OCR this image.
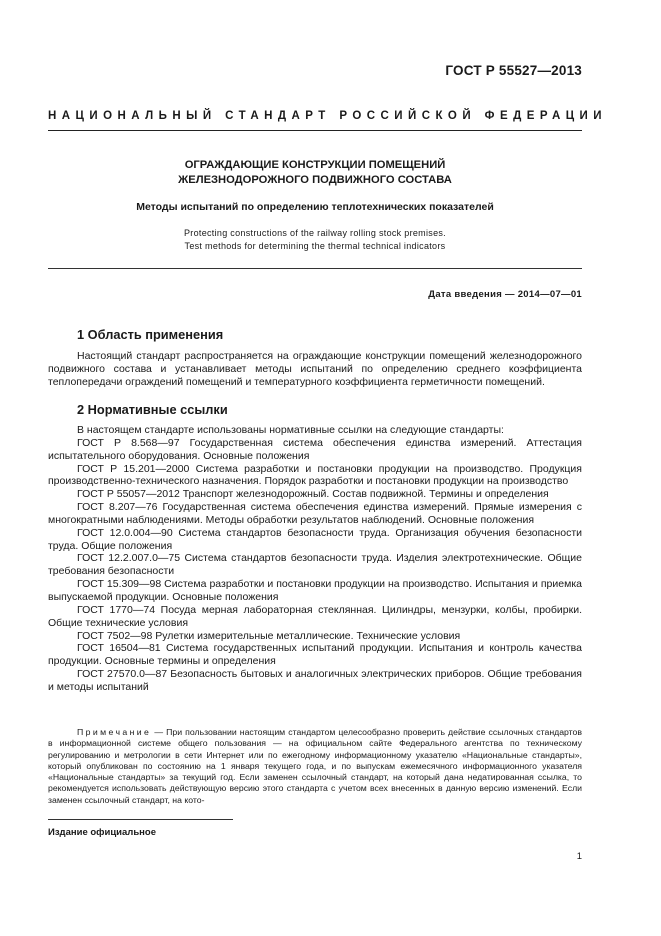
ГОСТ Р 55527—2013
НАЦИОНАЛЬНЫЙ СТАНДАРТ РОССИЙСКОЙ ФЕДЕРАЦИИ
ОГРАЖДАЮЩИЕ КОНСТРУКЦИИ ПОМЕЩЕНИЙ
ЖЕЛЕЗНОДОРОЖНОГО ПОДВИЖНОГО СОСТАВА
Методы испытаний по определению теплотехнических показателей
Protecting constructions of the railway rolling stock premises.
Test methods for determining the thermal technical indicators
Дата введения — 2014—07—01
1 Область применения

Настоящий стандарт распространяется на ограждающие конструкции помещений железнодорожного подвижного состава и устанавливает методы испытаний по определению среднего коэффициента теплопередачи ограждений помещений и температурного коэффициента герметичности помещений.

2 Нормативные ссылки

В настоящем стандарте использованы нормативные ссылки на следующие стандарты:

ГОСТ Р 8.568—97 Государственная система обеспечения единства измерений. Аттестация испытательного оборудования. Основные положения

ГОСТ Р 15.201—2000 Система разработки и постановки продукции на производство. Продукция производственно-технического назначения. Порядок разработки и постановки продукции на производство

ГОСТ Р 55057—2012 Транспорт железнодорожный. Состав подвижной. Термины и определения

ГОСТ 8.207—76 Государственная система обеспечения единства измерений. Прямые измерения с многократными наблюдениями. Методы обработки результатов наблюдений. Основные положения

ГОСТ 12.0.004—90 Система стандартов безопасности труда. Организация обучения безопасности труда. Общие положения

ГОСТ 12.2.007.0—75 Система стандартов безопасности труда. Изделия электротехнические. Общие требования безопасности

ГОСТ 15.309—98 Система разработки и постановки продукции на производство. Испытания и приемка выпускаемой продукции. Основные положения

ГОСТ 1770—74 Посуда мерная лабораторная стеклянная. Цилиндры, мензурки, колбы, пробирки. Общие технические условия

ГОСТ 7502—98 Рулетки измерительные металлические. Технические условия

ГОСТ 16504—81 Система государственных испытаний продукции. Испытания и контроль качества продукции. Основные термины и определения

ГОСТ 27570.0—87 Безопасность бытовых и аналогичных электрических приборов. Общие требования и методы испытаний

Примечание — При пользовании настоящим стандартом целесообразно проверить действие ссылочных стандартов в информационной системе общего пользования — на официальном сайте Федерального агентства по техническому регулированию и метрологии в сети Интернет или по ежегодному информационному указателю «Национальные стандарты», который опубликован по состоянию на 1 января текущего года, и по выпускам ежемесячного информационного указателя «Национальные стандарты» за текущий год. Если заменен ссылочный стандарт, на который дана недатированная ссылка, то рекомендуется использовать действующую версию этого стандарта с учетом всех внесенных в данную версию изменений. Если заменен ссылочный стандарт, на кото-

Издание официальное
1
